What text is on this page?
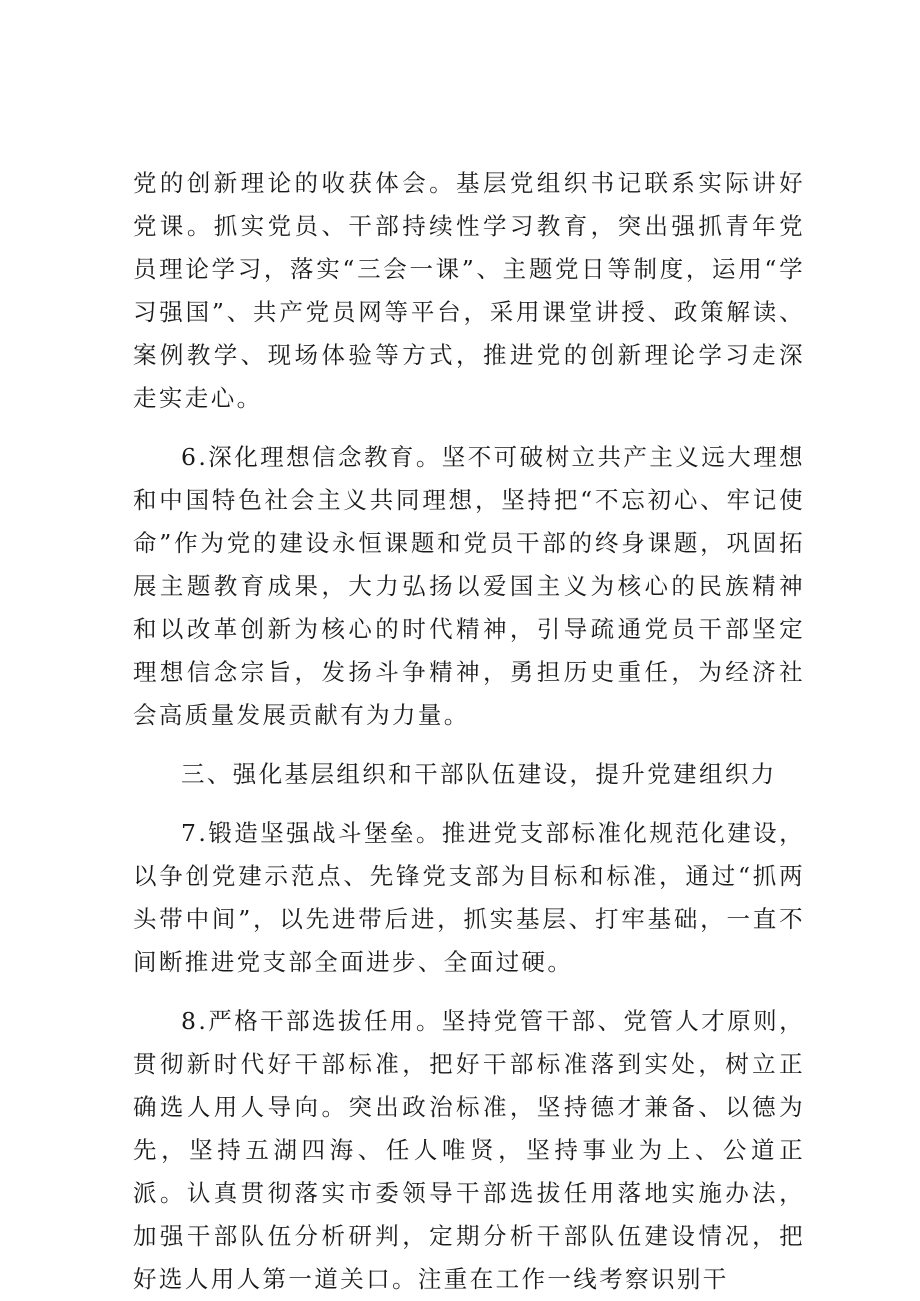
党的创新理论的收获体会。基层党组织书记联系实际讲好党课。抓实党员、干部持续性学习教育，突出强抓青年党员理论学习，落实“三会一课”、主题党日等制度，运用“学习强国”、共产党员网等平台，采用课堂讲授、政策解读、案例教学、现场体验等方式，推进党的创新理论学习走深走实走心。

6.深化理想信念教育。坚不可破树立共产主义远大理想和中国特色社会主义共同理想，坚持把“不忘初心、牢记使命”作为党的建设永恒课题和党员干部的终身课题，巩固拓展主题教育成果，大力弘扬以爱国主义为核心的民族精神和以改革创新为核心的时代精神，引导疏通党员干部坚定理想信念宗旨，发扬斗争精神，勇担历史重任，为经济社会高质量发展贡献有为力量。

三、强化基层组织和干部队伍建设，提升党建组织力

7.锻造坚强战斗堡垒。推进党支部标准化规范化建设，以争创党建示范点、先锋党支部为目标和标准，通过“抓两头带中间”，以先进带后进，抓实基层、打牢基础，一直不间断推进党支部全面进步、全面过硬。

8.严格干部选拔任用。坚持党管干部、党管人才原则，贯彻新时代好干部标准，把好干部标准落到实处，树立正确选人用人导向。突出政治标准，坚持德才兼备、以德为先，坚持五湖四海、任人唯贤，坚持事业为上、公道正派。认真贯彻落实市委领导干部选拔任用落地实施办法，加强干部队伍分析研判，定期分析干部队伍建设情况，把好选人用人第一道关口。注重在工作一线考察识别干
